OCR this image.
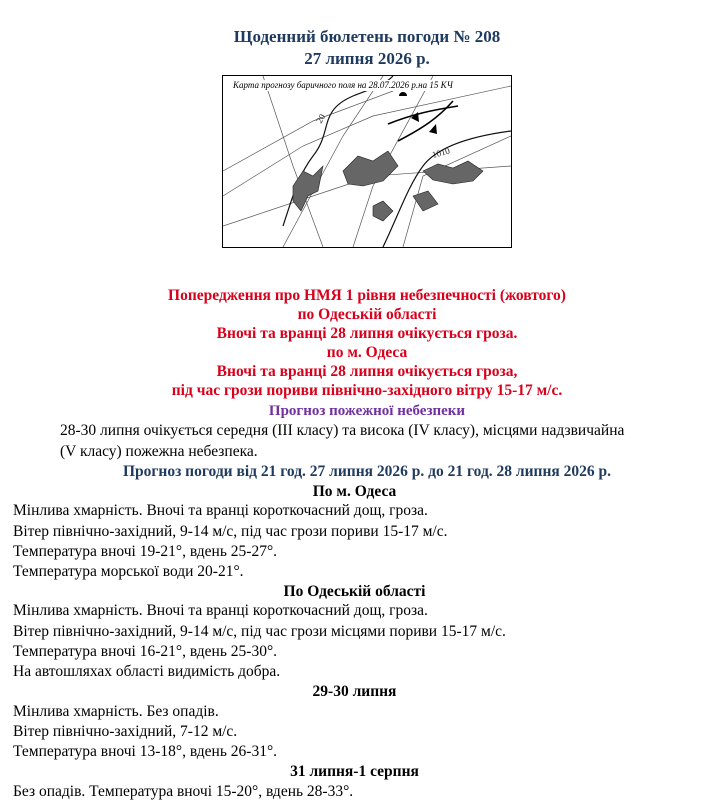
Щоденний бюлетень погоди № 208
27 липня 2026 р.
20
1010
Карта прогнозу баричного поля на 28.07.2026 р.на 15 КЧ
Попередження про НМЯ 1 рівня небезпечності (жовтого)
по Одеській області
Вночі та вранці 28 липня очікується гроза.
по м. Одеса
Вночі та вранці 28 липня очікується гроза,
під час грози пориви північно-західного вітру 15-17 м/с.
Прогноз пожежної небезпеки
28-30 липня очікується середня (ІІІ класу) та висока (ІV класу), місцями надзвичайна
(V класу) пожежна небезпека.
Прогноз погоди від 21 год. 27 липня 2026 р. до 21 год. 28 липня 2026 р.
По м. Одеса
Мінлива хмарність. Вночі та вранці короткочасний дощ, гроза.
Вітер північно-західний, 9-14 м/с, під час грози пориви 15-17 м/с.
Температура вночі 19-21°, вдень 25-27°.
Температура морської води 20-21°.
По Одеській області
Мінлива хмарність. Вночі та вранці короткочасний дощ, гроза.
Вітер північно-західний, 9-14 м/с, під час грози місцями пориви 15-17 м/с.
Температура вночі 16-21°, вдень 25-30°.
На автошляхах області видимість добра.
29-30 липня
Мінлива хмарність. Без опадів.
Вітер північно-західний, 7-12 м/с.
Температура вночі 13-18°, вдень 26-31°.
31 липня-1 серпня
Без опадів. Температура вночі 15-20°, вдень 28-33°.
